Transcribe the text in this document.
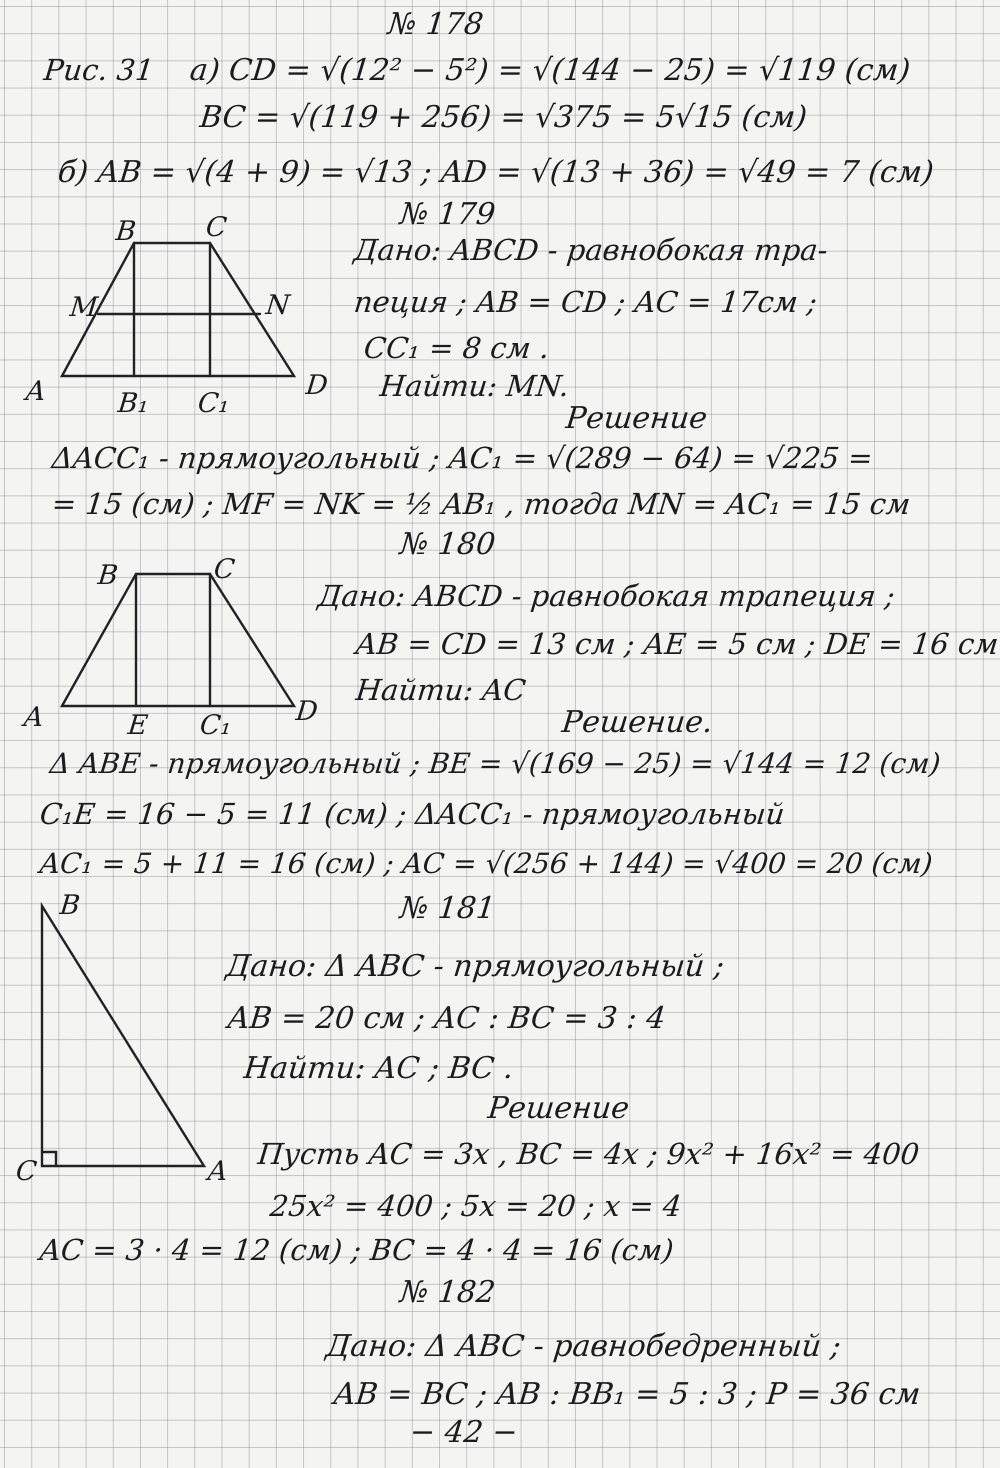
№ 178
Рис. 31 а) CD = √(12² − 5²) = √(144 − 25) = √119 (см)
BC = √(119 + 256) = √375 = 5√15 (см)
б) AB = √(4 + 9) = √13 ; AD = √(13 + 36) = √49 = 7 (см)
№ 179
B C
M	N
A	D
B₁ C₁
Дано: ABCD - равнобокая тра-
пеция ; AB = CD ; AC = 17см ;
CC₁ = 8 см .
Найти: MN.
Решение
ΔACC₁ - прямоугольный ; AC₁ = √(289 − 64) = √225 =
= 15 (см) ; MF = NK = ½ AB₁ , тогда MN = AC₁ = 15 см
№ 180
B	C
A	E C₁ D
Дано: ABCD - равнобокая трапеция ;
AB = CD = 13 см ; AE = 5 см ; DE = 16 см
Найти: AC
Решение.
Δ ABE - прямоугольный ; BE = √(169 − 25) = √144 = 12 (см)
C₁E = 16 − 5 = 11 (см) ; ΔACC₁ - прямоугольный
AC₁ = 5 + 11 = 16 (см) ; AC = √(256 + 144) = √400 = 20 (см)
№ 181
B
C	A
Дано: Δ ABC - прямоугольный ;
AB = 20 см ; AC : BC = 3 : 4
Найти: AC ; BC .
Решение
Пусть AC = 3x , BC = 4x ; 9x² + 16x² = 400
25x² = 400 ; 5x = 20 ; x = 4
AC = 3 · 4 = 12 (см) ; BC = 4 · 4 = 16 (см)
№ 182
Дано: Δ ABC - равнобедренный ;
AB = BC ; AB : BB₁ = 5 : 3 ; P = 36 см
− 42 −
